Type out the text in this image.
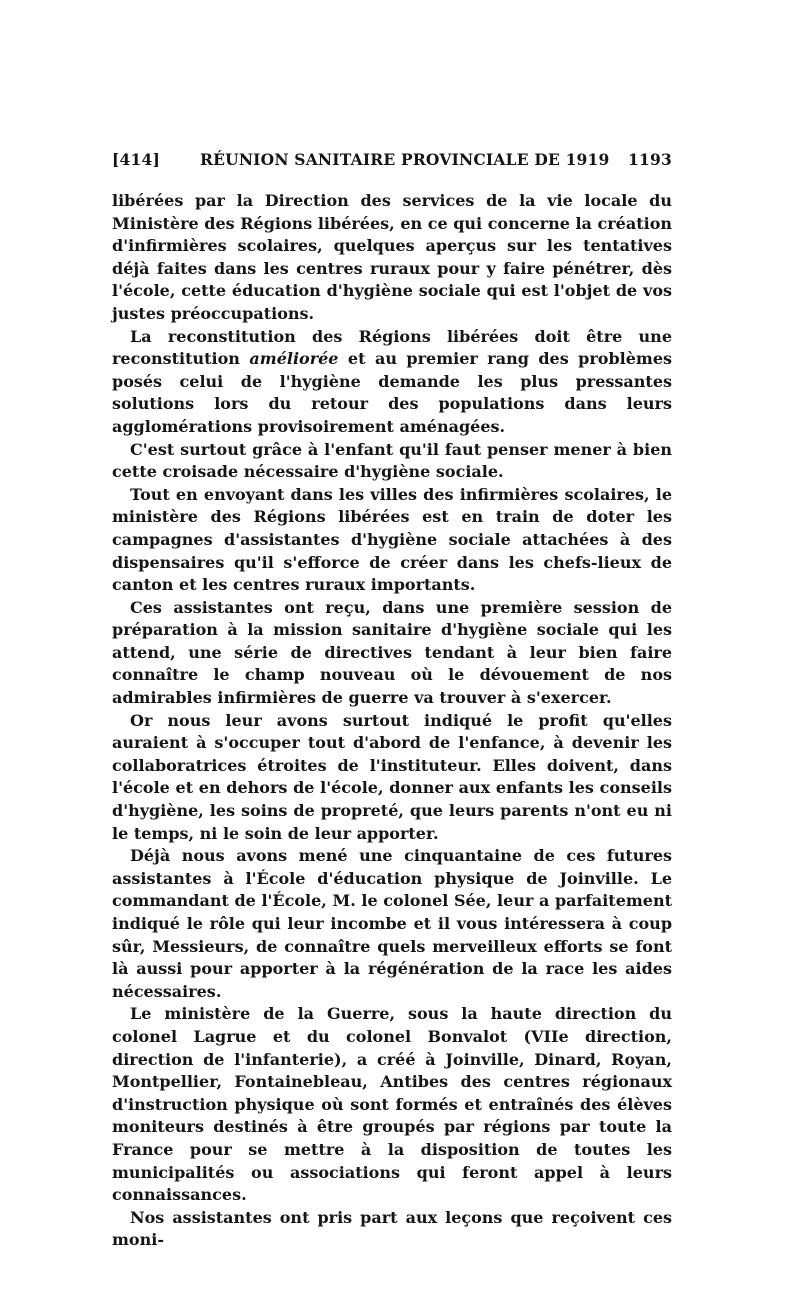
[414]	RÉUNION SANITAIRE PROVINCIALE DE 1919 1193

libérées par la Direction des services de la vie locale du Ministère des Régions libérées, en ce qui concerne la création d'infirmières scolaires, quelques aperçus sur les tentatives déjà faites dans les centres ruraux pour y faire pénétrer, dès l'école, cette éducation d'hygiène sociale qui est l'objet de vos justes préoccupations.

La reconstitution des Régions libérées doit être une reconstitution améliorée et au premier rang des problèmes posés celui de l'hygiène demande les plus pressantes solutions lors du retour des populations dans leurs agglomérations provisoirement aménagées.

C'est surtout grâce à l'enfant qu'il faut penser mener à bien cette croisade nécessaire d'hygiène sociale.

Tout en envoyant dans les villes des infirmières scolaires, le ministère des Régions libérées est en train de doter les campagnes d'assistantes d'hygiène sociale attachées à des dispensaires qu'il s'efforce de créer dans les chefs-lieux de canton et les centres ruraux importants.

Ces assistantes ont reçu, dans une première session de préparation à la mission sanitaire d'hygiène sociale qui les attend, une série de directives tendant à leur bien faire connaître le champ nouveau où le dévouement de nos admirables infirmières de guerre va trouver à s'exercer.

Or nous leur avons surtout indiqué le profit qu'elles auraient à s'occuper tout d'abord de l'enfance, à devenir les collaboratrices étroites de l'instituteur. Elles doivent, dans l'école et en dehors de l'école, donner aux enfants les conseils d'hygiène, les soins de propreté, que leurs parents n'ont eu ni le temps, ni le soin de leur apporter.

Déjà nous avons mené une cinquantaine de ces futures assistantes à l'École d'éducation physique de Joinville. Le commandant de l'École, M. le colonel Sée, leur a parfaitement indiqué le rôle qui leur incombe et il vous intéressera à coup sûr, Messieurs, de connaître quels merveilleux efforts se font là aussi pour apporter à la régénération de la race les aides nécessaires.

Le ministère de la Guerre, sous la haute direction du colonel Lagrue et du colonel Bonvalot (VIIe direction, direction de l'infanterie), a créé à Joinville, Dinard, Royan, Montpellier, Fontainebleau, Antibes des centres régionaux d'instruction physique où sont formés et entraînés des élèves moniteurs destinés à être groupés par régions par toute la France pour se mettre à la disposition de toutes les municipalités ou associations qui feront appel à leurs connaissances.

Nos assistantes ont pris part aux leçons que reçoivent ces moni-
